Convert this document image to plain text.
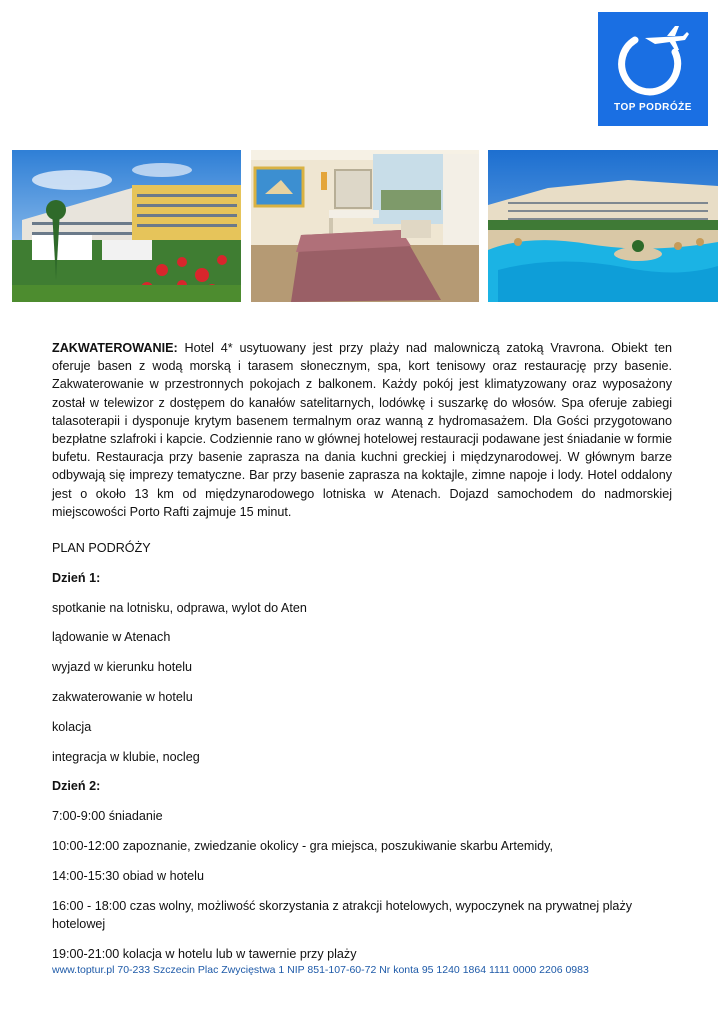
TOP PODRÓŻE

ZAKWATEROWANIE: Hotel 4* usytuowany jest przy plaży nad malowniczą zatoką Vravrona. Obiekt ten oferuje basen z wodą morską i tarasem słonecznym, spa, kort tenisowy oraz restaurację przy basenie. Zakwaterowanie w przestronnych pokojach z balkonem. Każdy pokój jest klimatyzowany oraz wyposażony został w telewizor z dostępem do kanałów satelitarnych, lodówkę i suszarkę do włosów. Spa oferuje zabiegi talasoterapii i dysponuje krytym basenem termalnym oraz wanną z hydromasażem. Dla Gości przygotowano bezpłatne szlafroki i kapcie. Codziennie rano w głównej hotelowej restauracji podawane jest śniadanie w formie bufetu. Restauracja przy basenie zaprasza na dania kuchni greckiej i międzynarodowej. W głównym barze odbywają się imprezy tematyczne. Bar przy basenie zaprasza na koktajle, zimne napoje i lody. Hotel oddalony jest o około 13 km od międzynarodowego lotniska w Atenach. Dojazd samochodem do nadmorskiej miejscowości Porto Rafti zajmuje 15 minut.

PLAN PODRÓŻY
Dzień 1:
spotkanie na lotnisku, odprawa, wylot do Aten
lądowanie w Atenach
wyjazd w kierunku hotelu
zakwaterowanie w hotelu
kolacja
integracja w klubie, nocleg
Dzień 2:
7:00-9:00 śniadanie
10:00-12:00 zapoznanie, zwiedzanie okolicy - gra miejsca, poszukiwanie skarbu Artemidy,
14:00-15:30 obiad w hotelu
16:00 - 18:00 czas wolny, możliwość skorzystania z atrakcji hotelowych, wypoczynek na prywatnej plaży hotelowej
19:00-21:00 kolacja w hotelu lub w tawernie przy plaży
www.toptur.pl 70-233 Szczecin Plac Zwycięstwa 1 NIP 851-107-60-72 Nr konta 95 1240 1864 1111 0000 2206 0983
